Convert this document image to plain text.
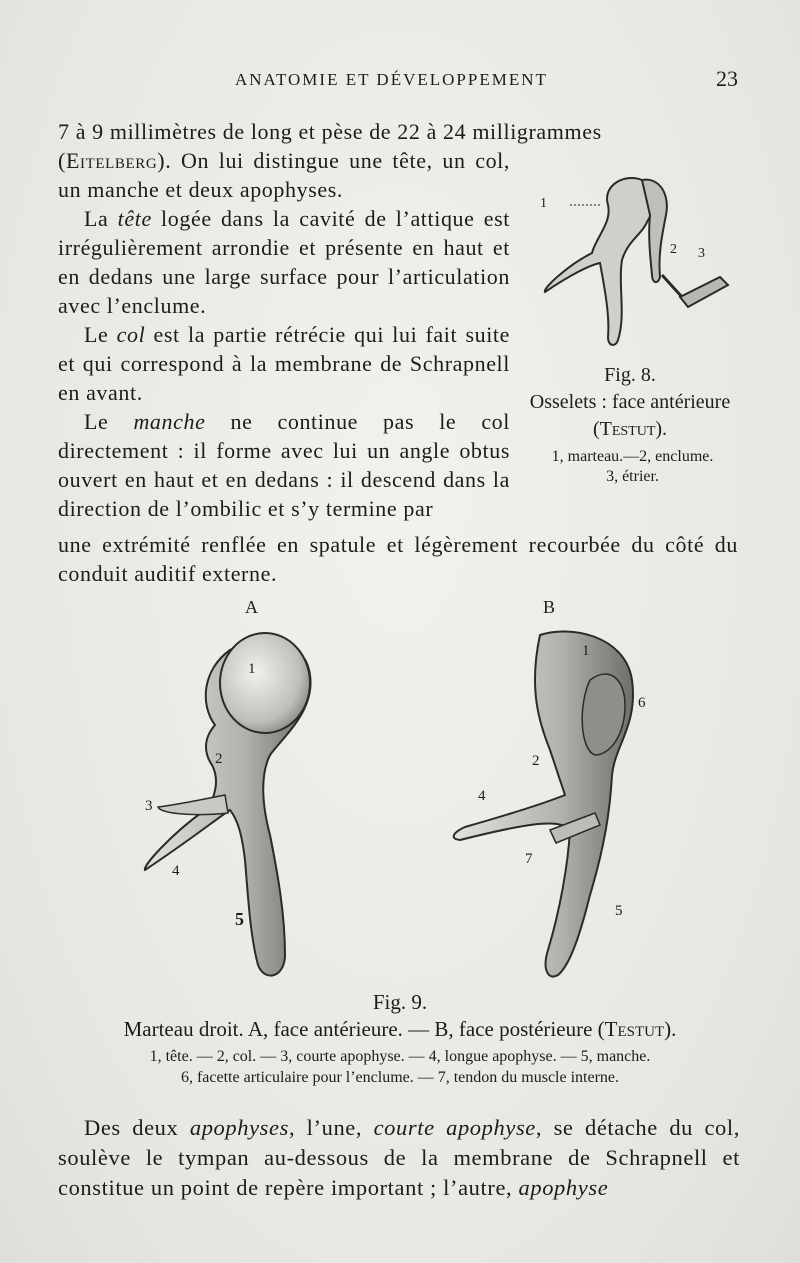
ANATOMIE ET DÉVELOPPEMENT	23

7 à 9 millimètres de long et pèse de 22 à 24 milligrammes

(Eitelberg). On lui distingue une tête, un col, un manche et deux apophyses.

La tête logée dans la cavité de l’attique est irrégulièrement arrondie et présente en haut et en dedans une large surface pour l’articulation avec l’enclume.

Le col est la partie rétrécie qui lui fait suite et qui correspond à la membrane de Schrapnell en avant.

Le manche ne continue pas le col directement : il forme avec lui un angle obtus ouvert en haut et en dedans : il descend dans la direction de l’ombilic et s’y termine par

une extrémité renflée en spatule et légèrement recourbée du côté du conduit auditif externe.

1
2 3
Fig. 8.
Osselets : face antérieure (Testut).
1, marteau.—2, enclume.
3, étrier.
A	B
1
2
3
4
5
1
2
4
5
6
7
Fig. 9.
Marteau droit. A, face antérieure. — B, face postérieure (Testut).
1, tête. — 2, col. — 3, courte apophyse. — 4, longue apophyse. — 5, manche.
6, facette articulaire pour l’enclume. — 7, tendon du muscle interne.

Des deux apophyses, l’une, courte apophyse, se détache du col, soulève le tympan au-dessous de la membrane de Schrapnell et constitue un point de repère important ; l’autre, apophyse
